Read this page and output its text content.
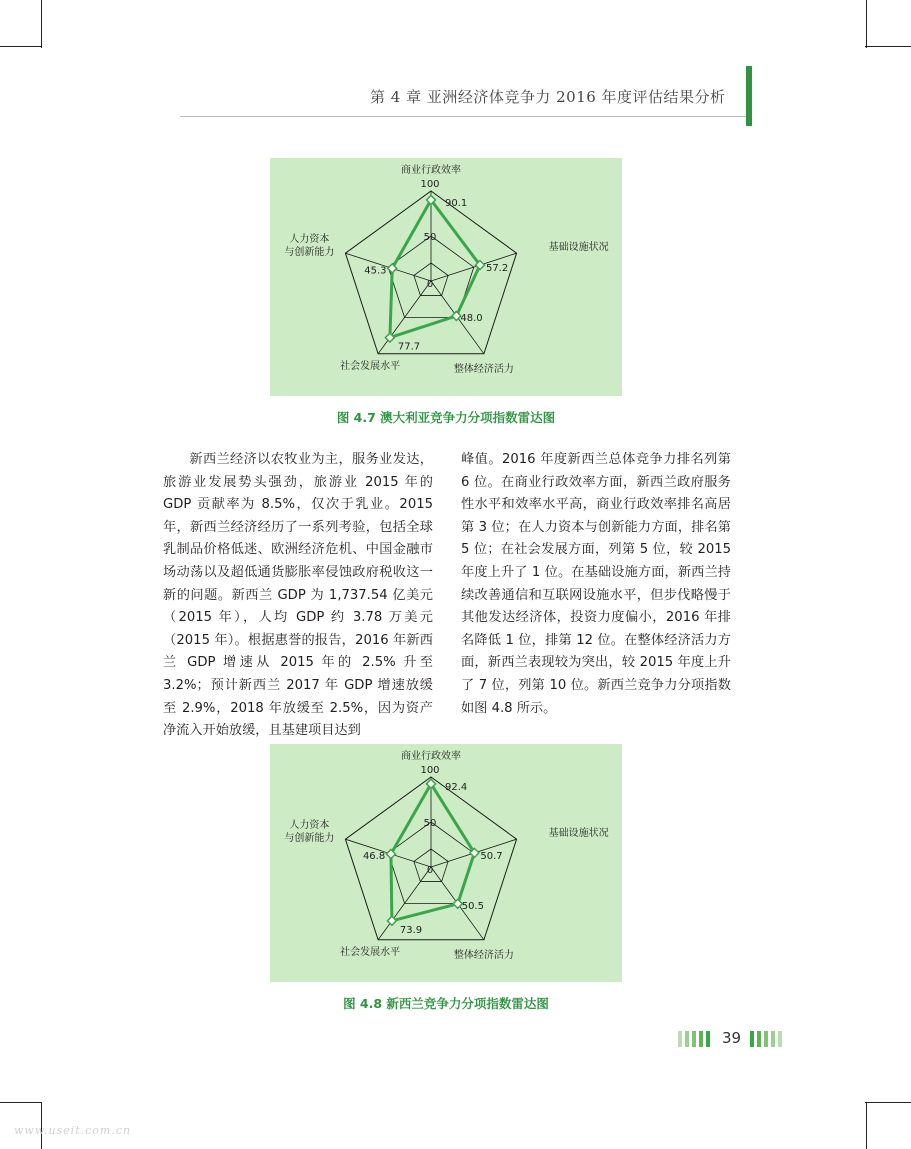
第 4 章 亚洲经济体竞争力 2016 年度评估结果分析
0
50
100
90.1
57.2
48.0
77.7
45.3
商业行政效率
基础设施状况
整体经济活力
社会发展水平
人力资本
与创新能力
图 4.7 澳大利亚竞争力分项指数雷达图

新西兰经济以农牧业为主，服务业发达，旅游业发展势头强劲，旅游业 2015 年的 GDP 贡献率为 8.5%，仅次于乳业。2015 年，新西兰经济经历了一系列考验，包括全球乳制品价格低迷、欧洲经济危机、中国金融市场动荡以及超低通货膨胀率侵蚀政府税收这一新的问题。新西兰 GDP 为 1,737.54 亿美元（2015 年），人均 GDP 约 3.78 万美元（2015 年）。根据惠誉的报告，2016 年新西兰 GDP 增速从 2015 年的 2.5% 升至 3.2%；预计新西兰 2017 年 GDP 增速放缓至 2.9%，2018 年放缓至 2.5%，因为资产净流入开始放缓，且基建项目达到

峰值。2016 年度新西兰总体竞争力排名列第 6 位。在商业行政效率方面，新西兰政府服务性水平和效率水平高，商业行政效率排名高居第 3 位；在人力资本与创新能力方面，排名第 5 位；在社会发展方面，列第 5 位，较 2015 年度上升了 1 位。在基础设施方面，新西兰持续改善通信和互联网设施水平，但步伐略慢于其他发达经济体，投资力度偏小，2016 年排名降低 1 位，排第 12 位。在整体经济活力方面，新西兰表现较为突出，较 2015 年度上升了 7 位，列第 10 位。新西兰竞争力分项指数如图 4.8 所示。

0
50
100
92.4
50.7
50.5
73.9
46.8
商业行政效率
基础设施状况
整体经济活力
社会发展水平
人力资本
与创新能力
图 4.8 新西兰竞争力分项指数雷达图
39
www.useit.com.cn
